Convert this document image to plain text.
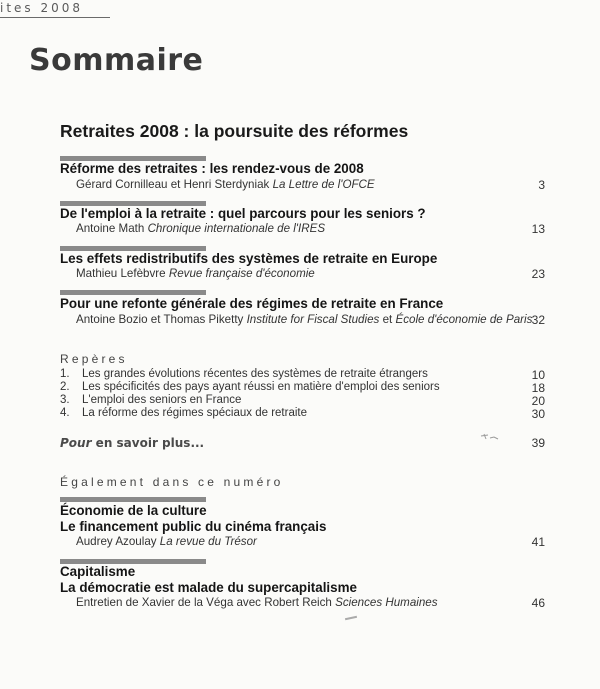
ites 2008
Sommaire
Retraites 2008 : la poursuite des réformes
Réforme des retraites : les rendez-vous de 2008
Gérard Cornilleau et Henri Sterdyniak La Lettre de l'OFCE	3
De l'emploi à la retraite : quel parcours pour les seniors ?
Antoine Math Chronique internationale de l'IRES	13
Les effets redistributifs des systèmes de retraite en Europe
Mathieu Lefèbvre Revue française d'économie	23
Pour une refonte générale des régimes de retraite en France
Antoine Bozio et Thomas Piketty Institute for Fiscal Studies et École d'économie de Paris 32
Repères
1. Les grandes évolutions récentes des systèmes de retraite étrangers	10
2. Les spécificités des pays ayant réussi en matière d'emploi des seniors	18
3. L'emploi des seniors en France	20
4. La réforme des régimes spéciaux de retraite	30
Pour en savoir plus...	39
Également dans ce numéro
Économie de la culture
Le financement public du cinéma français
Audrey Azoulay La revue du Trésor	41
Capitalisme
La démocratie est malade du supercapitalisme
Entretien de Xavier de la Véga avec Robert Reich Sciences Humaines	46
